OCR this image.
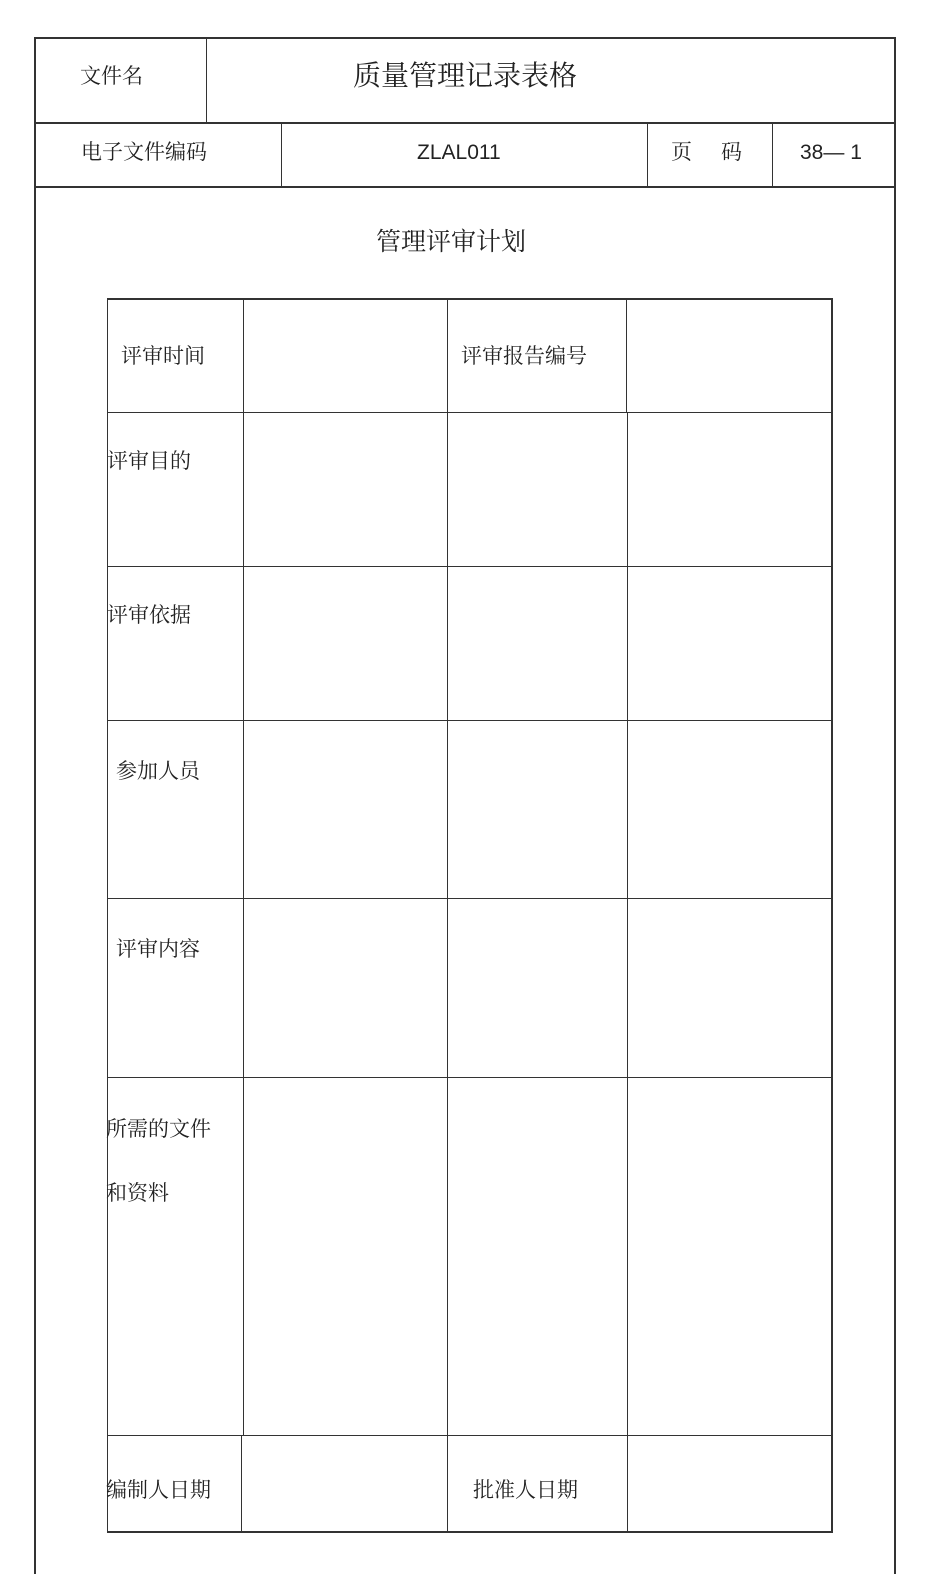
文件名	质量管理记录表格
电子文件编码	ZLAL011	页 码	38— 1
管理评审计划
评审时间	评审报告编号
评审目的
评审依据
参加人员
评审内容
所需的文件
和资料
编制人日期	批准人日期
